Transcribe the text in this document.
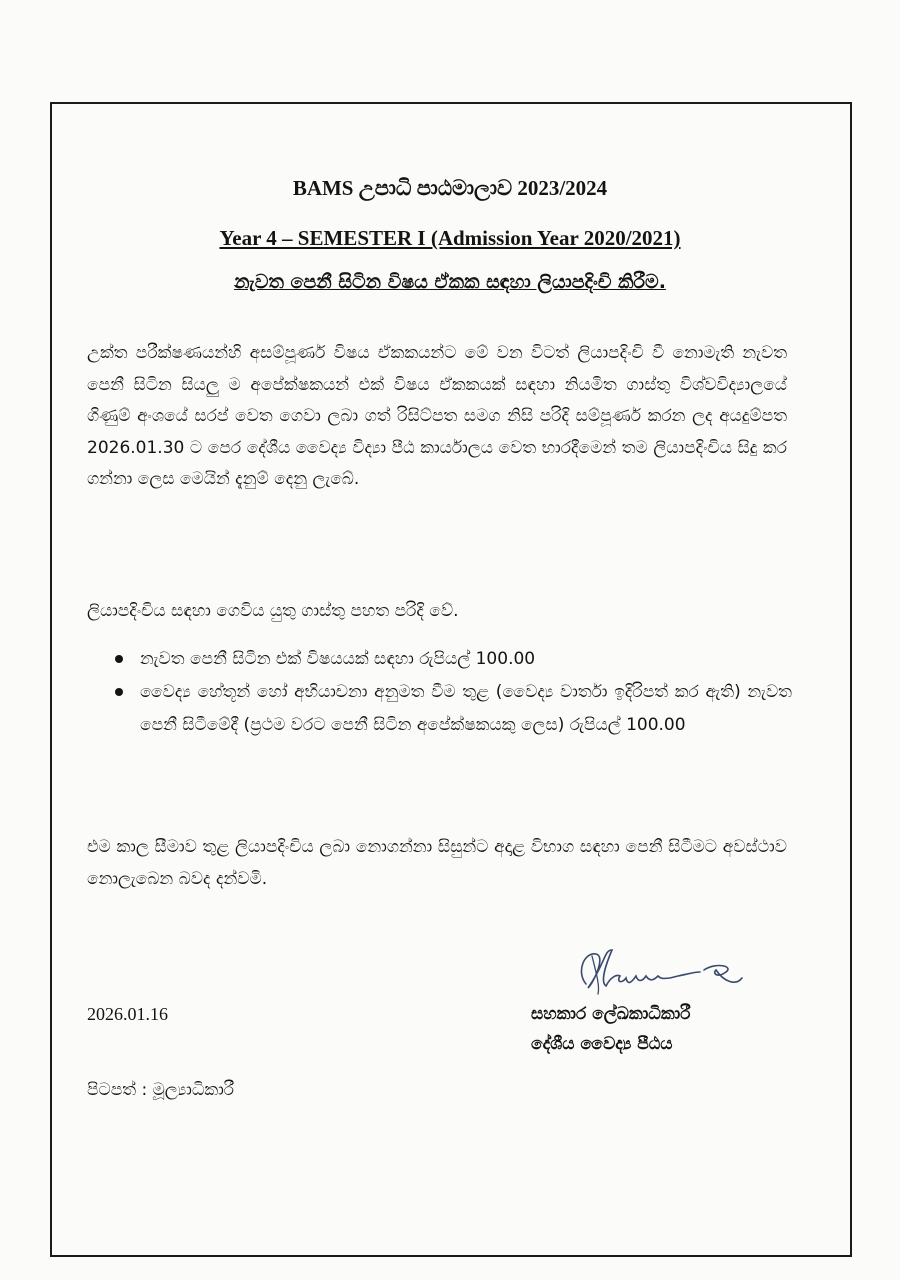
BAMS උපාධි පාඨමාලාව 2023/2024
Year 4 – SEMESTER I (Admission Year 2020/2021)
නැවත පෙනී සිටින විෂය ඒකක සඳහා ලියාපදිංචි කිරීම.
උක්ත පරීක්ෂණයන්හි අසම්පූර්ණ විෂය ඒකකයන්ට මේ වන විටත් ලියාපදිංචි වී නොමැති නැවත පෙනී සිටින සියලු ම අපේක්ෂකයන් එක් විෂය ඒකකයක් සඳහා නියමිත ගාස්තු විශ්වවිද්‍යාලයේ ගිණුම් අංශයේ සරප් වෙත ගෙවා ලබා ගත් රිසිට්පත සමග නිසි පරිදි සම්පූර්ණ කරන ලද අයදුම්පත 2026.01.30 ට පෙර දේශීය වෛද්‍ය විද්‍යා පීඨ කාර්යාලය වෙත භාරදීමෙන් තම ලියාපදිංචිය සිදු කර ගන්නා ලෙස මෙයින් දැනුම් දෙනු ලැබේ.
ලියාපදිංචිය සඳහා ගෙවිය යුතු ගාස්තු පහත පරිදි වේ.
නැවත පෙනී සිටින එක් විෂයයක් සඳහා රුපියල් 100.00
වෛද්‍ය හේතූන් හෝ අභියාචනා අනුමත වීම තුළ (වෛද්‍ය වාර්තා ඉදිරිපත් කර ඇති) නැවත පෙනී සිටීමේදී (ප්‍රථම වරට පෙනී සිටින අපේක්ෂකයකු ලෙස) රුපියල් 100.00
එම කාල සීමාව තුළ ලියාපදිංචිය ලබා නොගන්නා සිසුන්ට අදාළ විභාග සඳහා පෙනී සිටීමට අවස්ථාව නොලැබෙන බවද දන්වමි.
2026.01.16	සහකාර ලේඛකාධිකාරී
දේශීය වෛද්‍ය පීඨය
පිටපත් : මූල්‍යාධිකාරී
